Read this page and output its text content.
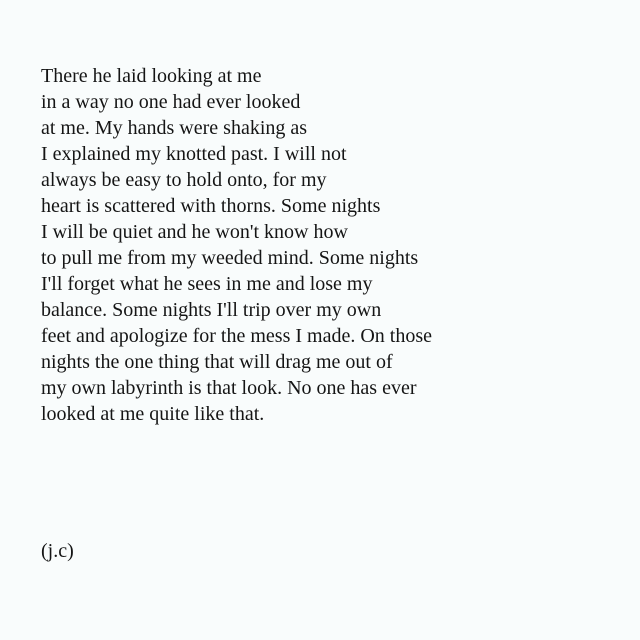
There he laid looking at me
in a way no one had ever looked
at me. My hands were shaking as
I explained my knotted past. I will not
always be easy to hold onto, for my
heart is scattered with thorns. Some nights
I will be quiet and he won't know how
to pull me from my weeded mind. Some nights
I'll forget what he sees in me and lose my
balance. Some nights I'll trip over my own
feet and apologize for the mess I made. On those
nights the one thing that will drag me out of
my own labyrinth is that look. No one has ever
looked at me quite like that.
(j.c)
